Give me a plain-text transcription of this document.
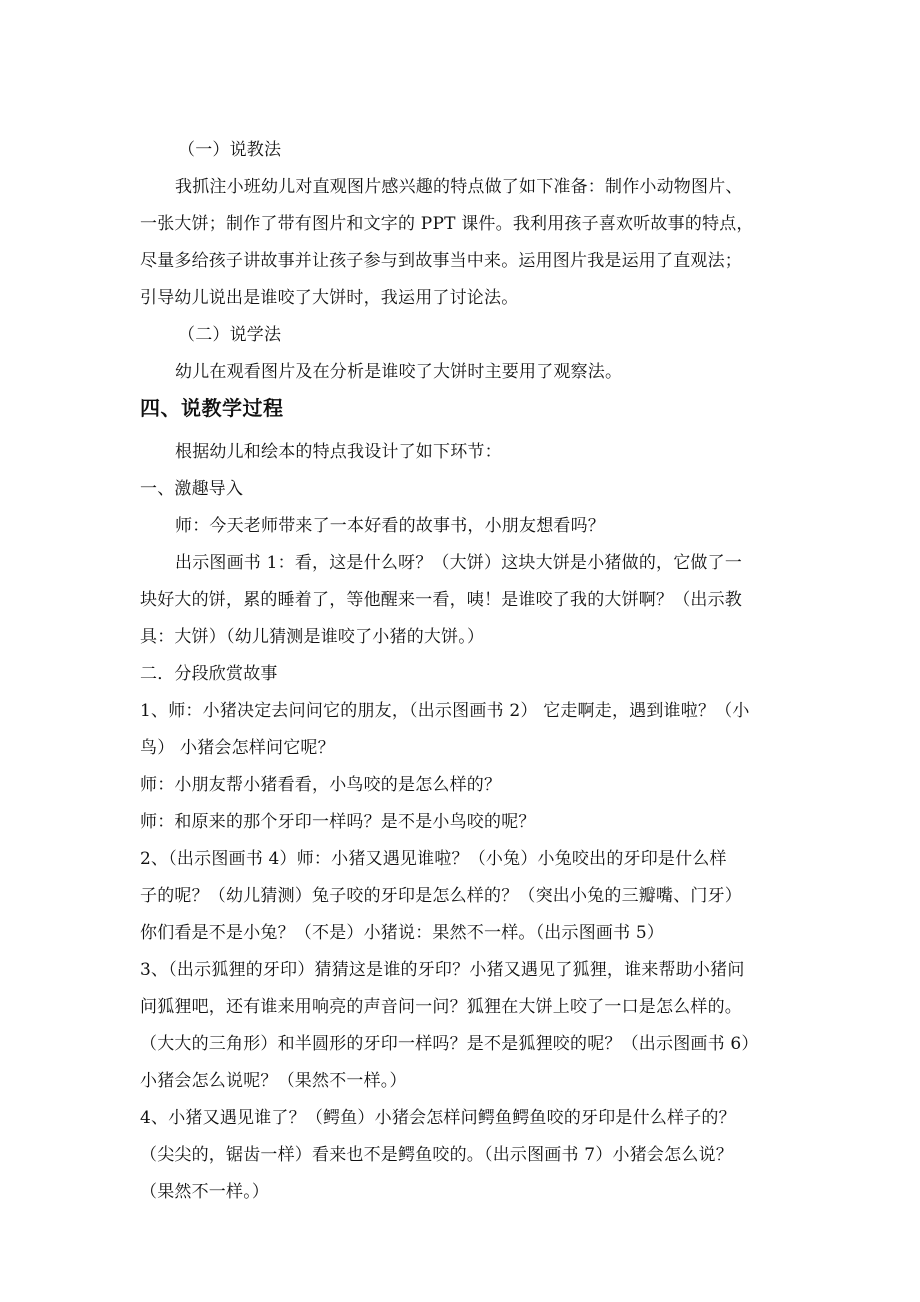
（一）说教法
我抓注小班幼儿对直观图片感兴趣的特点做了如下准备：制作小动物图片、
一张大饼；制作了带有图片和文字的 PPT 课件。我利用孩子喜欢听故事的特点，
尽量多给孩子讲故事并让孩子参与到故事当中来。运用图片我是运用了直观法；
引导幼儿说出是谁咬了大饼时，我运用了讨论法。
（二）说学法
幼儿在观看图片及在分析是谁咬了大饼时主要用了观察法。
四、说教学过程
根据幼儿和绘本的特点我设计了如下环节：
一、激趣导入
师：今天老师带来了一本好看的故事书，小朋友想看吗？
出示图画书 1：看，这是什么呀？（大饼）这块大饼是小猪做的，它做了一
块好大的饼，累的睡着了，等他醒来一看，咦！是谁咬了我的大饼啊？（出示教
具：大饼）（幼儿猜测是谁咬了小猪的大饼。）
二．分段欣赏故事
1、师：小猪决定去问问它的朋友，（出示图画书 2） 它走啊走，遇到谁啦？（小
鸟） 小猪会怎样问它呢？
师：小朋友帮小猪看看，小鸟咬的是怎么样的？
师：和原来的那个牙印一样吗？是不是小鸟咬的呢？
2、（出示图画书 4）师：小猪又遇见谁啦？（小兔）小兔咬出的牙印是什么样
子的呢？（幼儿猜测）兔子咬的牙印是怎么样的？（突出小兔的三瓣嘴、门牙）
你们看是不是小兔？（不是）小猪说：果然不一样。（出示图画书 5）
3、（出示狐狸的牙印）猜猜这是谁的牙印？小猪又遇见了狐狸，谁来帮助小猪问
问狐狸吧，还有谁来用响亮的声音问一问？狐狸在大饼上咬了一口是怎么样的。
（大大的三角形）和半圆形的牙印一样吗？是不是狐狸咬的呢？（出示图画书 6）
小猪会怎么说呢？（果然不一样。）
4、小猪又遇见谁了？（鳄鱼）小猪会怎样问鳄鱼鳄鱼咬的牙印是什么样子的？
（尖尖的，锯齿一样）看来也不是鳄鱼咬的。（出示图画书 7）小猪会怎么说？
（果然不一样。）
